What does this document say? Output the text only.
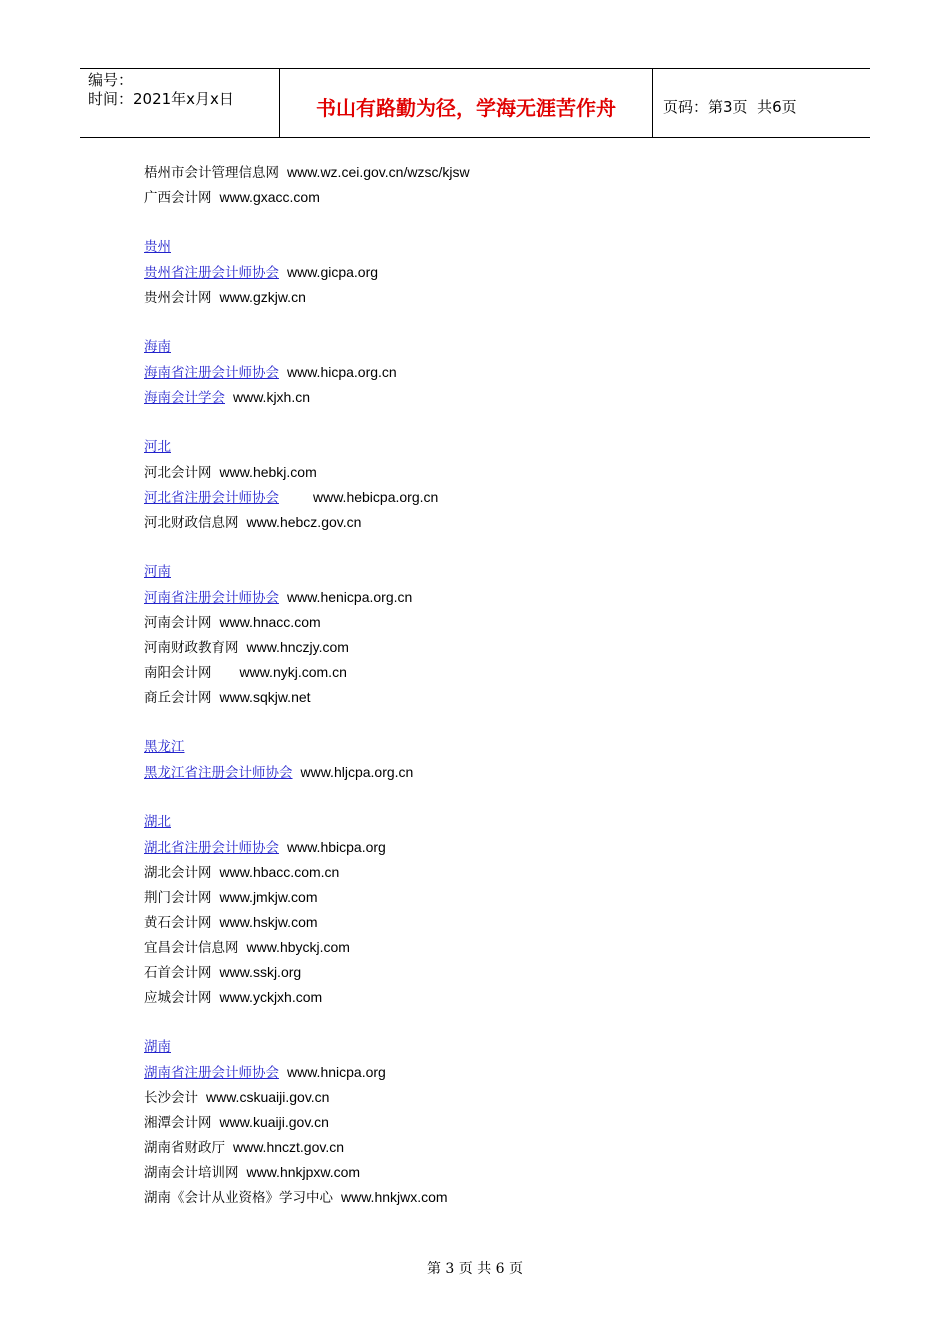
编号：
时间：2021年x月x日	书山有路勤为径，学海无涯苦作舟	页码：第3页  共6页
梧州市会计管理信息网 www.wz.cei.gov.cn/wzsc/kjsw
广西会计网 www.gxacc.com
贵州
贵州省注册会计师协会 www.gicpa.org
贵州会计网 www.gzkjw.cn
海南
海南省注册会计师协会 www.hicpa.org.cn
海南会计学会 www.kjxh.cn
河北
河北会计网 www.hebkj.com
河北省注册会计师协会 www.hebicpa.org.cn
河北财政信息网 www.hebcz.gov.cn
河南
河南省注册会计师协会 www.henicpa.org.cn
河南会计网 www.hnacc.com
河南财政教育网 www.hnczjy.com
南阳会计网 www.nykj.com.cn
商丘会计网 www.sqkjw.net
黑龙江
黑龙江省注册会计师协会 www.hljcpa.org.cn
湖北
湖北省注册会计师协会 www.hbicpa.org
湖北会计网 www.hbacc.com.cn
荆门会计网 www.jmkjw.com
黄石会计网 www.hskjw.com
宜昌会计信息网 www.hbyckj.com
石首会计网 www.sskj.org
应城会计网 www.yckjxh.com
湖南
湖南省注册会计师协会 www.hnicpa.org
长沙会计 www.cskuaiji.gov.cn
湘潭会计网 www.kuaiji.gov.cn
湖南省财政厅 www.hnczt.gov.cn
湖南会计培训网 www.hnkjpxw.com
湖南《会计从业资格》学习中心 www.hnkjwx.com
第 3 页 共 6 页
